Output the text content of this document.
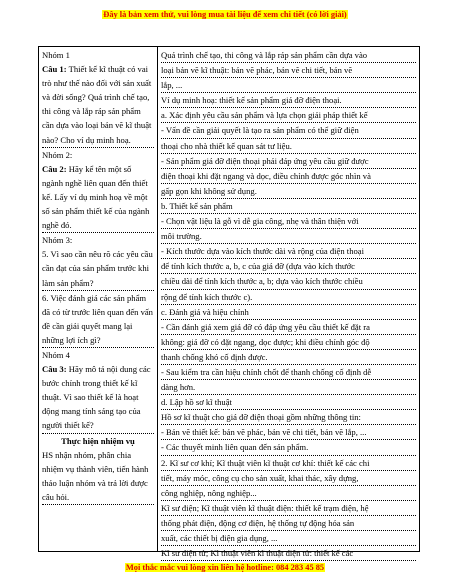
Đây là bản xem thử, vui lòng mua tài liệu để xem chi tiết (có lời giải)
Nhóm 1
Câu 1: Thiết kế kĩ thuật có vai trò như thế nào đối với sản xuất và đời sống? Quá trình chế tạo, thi công và lắp ráp sản phẩm cần dựa vào loại bản vẽ kĩ thuật nào? Cho ví dụ minh hoạ.
Nhóm 2:
Câu 2: Hãy kể tên một số ngành nghề liên quan đến thiết kế. Lấy ví dụ minh hoạ về một số sản phẩm thiết kế của ngành nghề đó.
Nhóm 3:
5. Vì sao cần nêu rõ các yêu cầu cần đạt của sản phẩm trước khi làm sản phẩm?
6. Việc đánh giá các sản phẩm đã có từ trước liên quan đến vấn đề cần giải quyết mang lại những lợi ích gì?
Nhóm 4
Câu 3: Hãy mô tả nội dung các bước chính trong thiết kế kĩ thuật. Vì sao thiết kế là hoạt động mang tính sáng tạo của người thiết kế?
Thực hiện nhiệm vụ
HS nhận nhóm, phân chia nhiệm vụ thành viên, tiến hành thảo luận nhóm và trả lời được câu hỏi.

Quá trình chế tạo, thi công và lắp ráp sản phẩm cần dựa vào
loại bản vẽ kĩ thuật: bản vẽ phác, bản vẽ chi tiết, bản vẽ
lắp, ...
Ví dụ minh hoạ: thiết kế sản phẩm giá đỡ điện thoại.
a. Xác định yêu cầu sản phẩm và lựa chọn giải pháp thiết kế
- Vấn đề cần giải quyết là tạo ra sản phẩm có thể giữ điện
thoại cho nhà thiết kế quan sát tư liệu.
- Sản phẩm giá đỡ điện thoại phải đáp ứng yêu cầu giữ được
điện thoại khi đặt ngang và dọc, điều chỉnh được góc nhìn và
gấp gọn khi không sử dụng.
b. Thiết kế sản phẩm
- Chọn vật liệu là gỗ vì dễ gia công, nhẹ và thân thiện với
môi trường.
- Kích thước dựa vào kích thước dài và rộng của điện thoại
để tính kích thước a, b, c của giá đỡ (dựa vào kích thước
chiều dài để tính kích thước a, b; dựa vào kích thước chiều
rộng để tính kích thước c).
c. Đánh giá và hiệu chỉnh
- Cần đánh giá xem giá đỡ có đáp ứng yêu cầu thiết kế đặt ra
không: giá đỡ có đặt ngang, dọc được; khi điều chỉnh góc độ
thanh chống khó cố định được.
- Sau kiểm tra cần hiệu chỉnh chốt để thanh chống cố định dễ
dàng hơn.
d. Lập hồ sơ kĩ thuật
Hồ sơ kĩ thuật cho giá đỡ điện thoại gồm những thông tin:
- Bản vẽ thiết kế: bản vẽ phác, bản vẽ chi tiết, bản vẽ lắp, ...
- Các thuyết minh liên quan đến sản phẩm.
2. Kĩ sư cơ khí; Kĩ thuật viên kĩ thuật cơ khí: thiết kế các chi
tiết, máy móc, công cụ cho sản xuất, khai thác, xây dựng,
công nghiệp, nông nghiệp...
Kĩ sư điện; Kĩ thuật viên kĩ thuật điện: thiết kế trạm điện, hệ
thống phát điện, động cơ điện, hệ thống tự động hóa sản
xuất, các thiết bị điện gia dụng, ...
Kĩ sư điện tử; Kĩ thuật viên kĩ thuật điện tử: thiết kế các
Mọi thắc mắc vui lòng xin liên hệ hotline: 084 283 45 85
